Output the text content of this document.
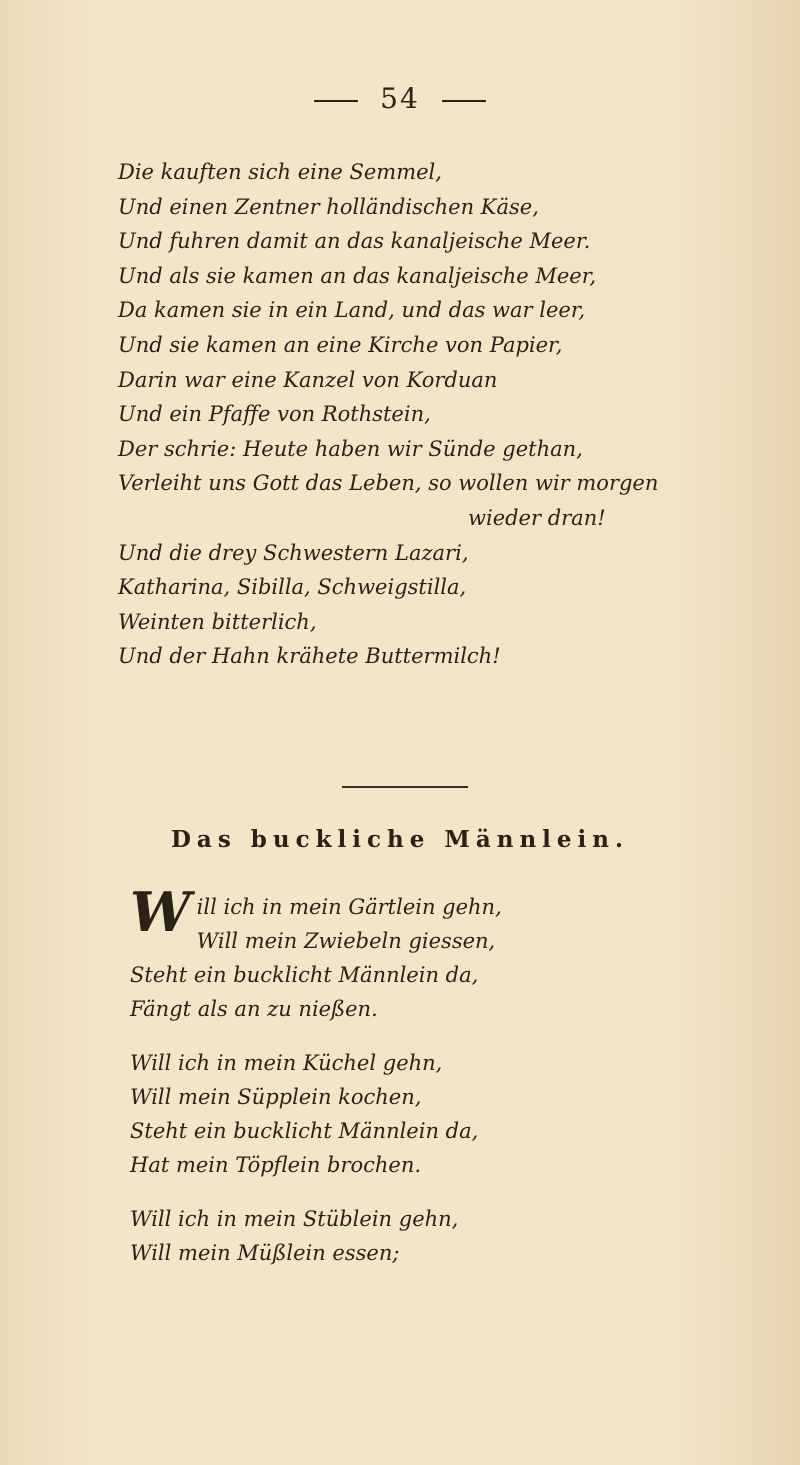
54
Die kauften sich eine Semmel,
Und einen Zentner holländischen Käse,
Und fuhren damit an das kanaljeische Meer.
Und als sie kamen an das kanaljeische Meer,
Da kamen sie in ein Land, und das war leer,
Und sie kamen an eine Kirche von Papier,
Darin war eine Kanzel von Korduan
Und ein Pfaffe von Rothstein,
Der schrie: Heute haben wir Sünde gethan,
Verleiht uns Gott das Leben, so wollen wir morgen
wieder dran!
Und die drey Schwestern Lazari,
Katharina, Sibilla, Schweigstilla,
Weinten bitterlich,
Und der Hahn krähete Buttermilch!
Das buckliche Männlein.
Will ich in mein Gärtlein gehn,
Will mein Zwiebeln giessen,
Steht ein bucklicht Männlein da,
Fängt als an zu nießen.
Will ich in mein Küchel gehn,
Will mein Süpplein kochen,
Steht ein bucklicht Männlein da,
Hat mein Töpflein brochen.
Will ich in mein Stüblein gehn,
Will mein Müßlein essen;
